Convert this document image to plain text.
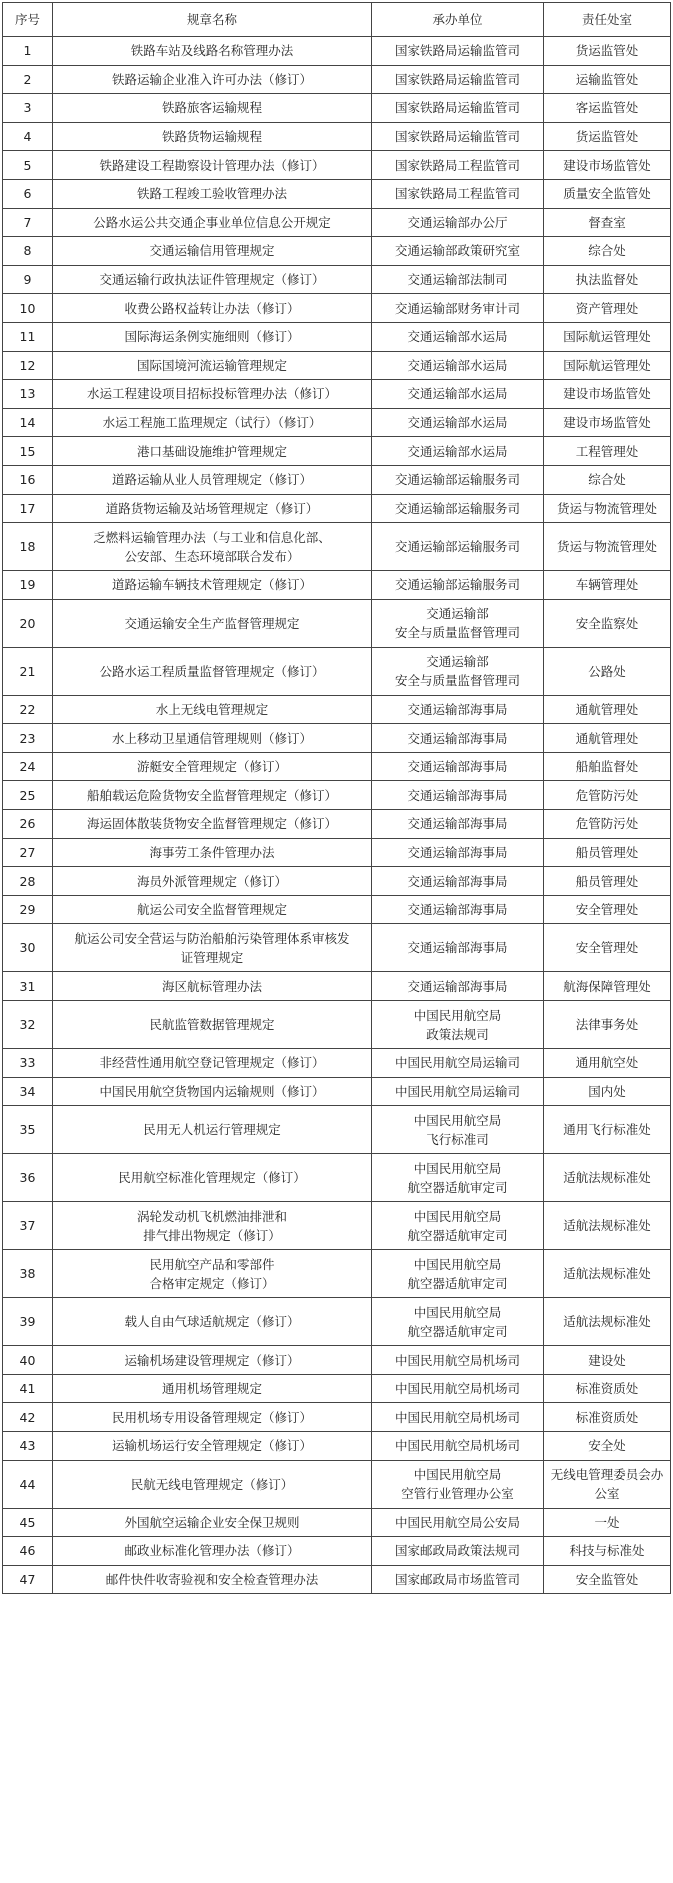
序号	规章名称	承办单位	责任处室
1	铁路车站及线路名称管理办法	国家铁路局运输监管司	货运监管处

2	铁路运输企业准入许可办法（修订）	国家铁路局运输监管司	运输监管处

3	铁路旅客运输规程	国家铁路局运输监管司	客运监管处

4	铁路货物运输规程	国家铁路局运输监管司	货运监管处

5	铁路建设工程勘察设计管理办法（修订）	国家铁路局工程监管司	建设市场监管处

6	铁路工程竣工验收管理办法	国家铁路局工程监管司	质量安全监管处

7	公路水运公共交通企事业单位信息公开规定	交通运输部办公厅	督查室

8	交通运输信用管理规定	交通运输部政策研究室	综合处

9	交通运输行政执法证件管理规定（修订）	交通运输部法制司	执法监督处

10	收费公路权益转让办法（修订）	交通运输部财务审计司	资产管理处

11	国际海运条例实施细则（修订）	交通运输部水运局	国际航运管理处

12	国际国境河流运输管理规定	交通运输部水运局	国际航运管理处

13	水运工程建设项目招标投标管理办法（修订）	交通运输部水运局	建设市场监管处

14	水运工程施工监理规定（试行）（修订）	交通运输部水运局	建设市场监管处

15	港口基础设施维护管理规定	交通运输部水运局	工程管理处

16	道路运输从业人员管理规定（修订）	交通运输部运输服务司	综合处

17	道路货物运输及站场管理规定（修订）	交通运输部运输服务司	货运与物流管理处

18	乏燃料运输管理办法（与工业和信息化部、
公安部、生态环境部联合发布）	交通运输部运输服务司	货运与物流管理处

19	道路运输车辆技术管理规定（修订）	交通运输部运输服务司	车辆管理处

20	交通运输安全生产监督管理规定	交通运输部
安全与质量监督管理司	安全监察处

21	公路水运工程质量监督管理规定（修订）	交通运输部
安全与质量监督管理司	公路处

22	水上无线电管理规定	交通运输部海事局	通航管理处

23	水上移动卫星通信管理规则（修订）	交通运输部海事局	通航管理处

24	游艇安全管理规定（修订）	交通运输部海事局	船舶监督处

25	船舶载运危险货物安全监督管理规定（修订）	交通运输部海事局	危管防污处

26	海运固体散装货物安全监督管理规定（修订）	交通运输部海事局	危管防污处

27	海事劳工条件管理办法	交通运输部海事局	船员管理处

28	海员外派管理规定（修订）	交通运输部海事局	船员管理处

29	航运公司安全监督管理规定	交通运输部海事局	安全管理处

30	航运公司安全营运与防治船舶污染管理体系审核发
证管理规定	交通运输部海事局	安全管理处

31	海区航标管理办法	交通运输部海事局	航海保障管理处

32	民航监管数据管理规定	中国民用航空局
政策法规司	法律事务处

33	非经营性通用航空登记管理规定（修订）	中国民用航空局运输司	通用航空处

34	中国民用航空货物国内运输规则（修订）	中国民用航空局运输司	国内处

35	民用无人机运行管理规定	中国民用航空局
飞行标准司	通用飞行标准处

36	民用航空标准化管理规定（修订）	中国民用航空局
航空器适航审定司	适航法规标准处

37	涡轮发动机飞机燃油排泄和
排气排出物规定（修订）	中国民用航空局
航空器适航审定司	适航法规标准处

38	民用航空产品和零部件
合格审定规定（修订）	中国民用航空局
航空器适航审定司	适航法规标准处

39	载人自由气球适航规定（修订）	中国民用航空局
航空器适航审定司	适航法规标准处

40	运输机场建设管理规定（修订）	中国民用航空局机场司	建设处

41	通用机场管理规定	中国民用航空局机场司	标准资质处

42	民用机场专用设备管理规定（修订）	中国民用航空局机场司	标准资质处

43	运输机场运行安全管理规定（修订）	中国民用航空局机场司	安全处

44	民航无线电管理规定（修订）	中国民用航空局
空管行业管理办公室	无线电管理委员会办
公室

45	外国航空运输企业安全保卫规则	中国民用航空局公安局	一处

46	邮政业标准化管理办法（修订）	国家邮政局政策法规司	科技与标准处

47	邮件快件收寄验视和安全检查管理办法	国家邮政局市场监管司	安全监管处
